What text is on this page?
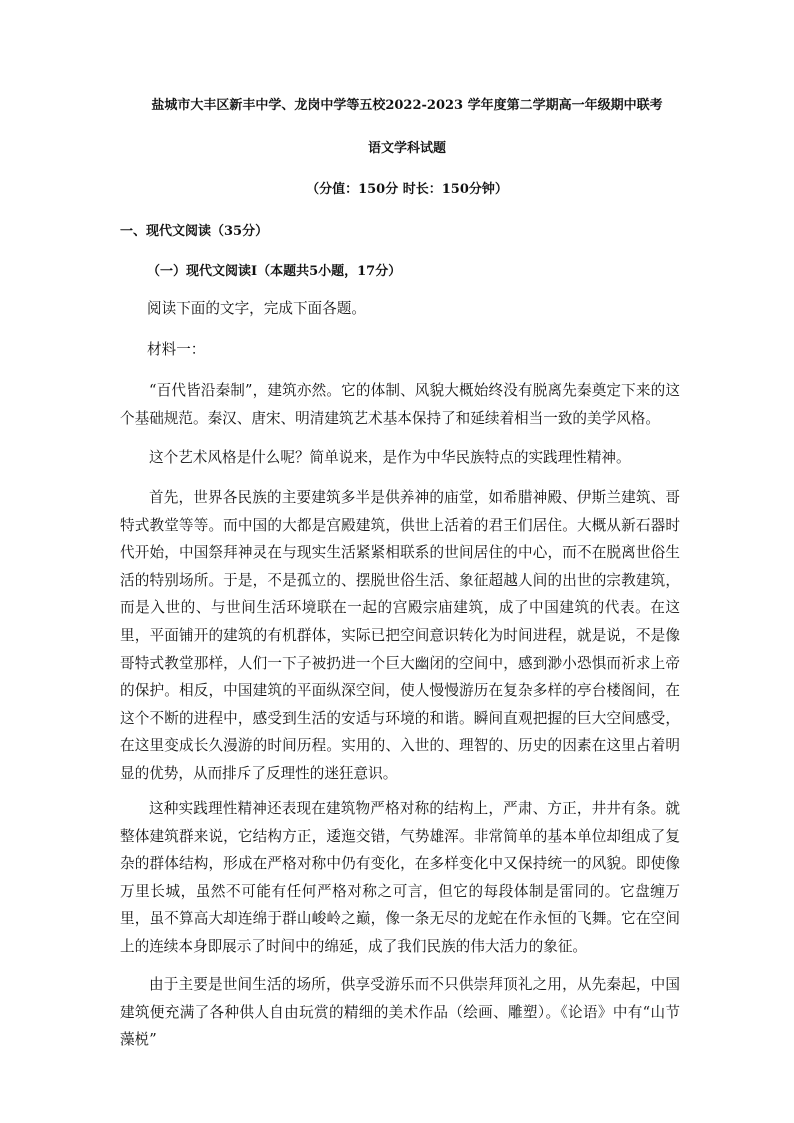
盐城市大丰区新丰中学、龙岗中学等五校2022-2023 学年度第二学期高一年级期中联考
语文学科试题
（分值：150分 时长：150分钟）
一、现代文阅读（35分）
（一）现代文阅读Ⅰ（本题共5小题，17分）
阅读下面的文字，完成下面各题。
材料一：
“百代皆沿秦制”，建筑亦然。它的体制、风貌大概始终没有脱离先秦奠定下来的这个基础规范。秦汉、唐宋、明清建筑艺术基本保持了和延续着相当一致的美学风格。
这个艺术风格是什么呢？简单说来，是作为中华民族特点的实践理性精神。
首先，世界各民族的主要建筑多半是供养神的庙堂，如希腊神殿、伊斯兰建筑、哥特式教堂等等。而中国的大都是宫殿建筑，供世上活着的君王们居住。大概从新石器时代开始，中国祭拜神灵在与现实生活紧紧相联系的世间居住的中心，而不在脱离世俗生活的特别场所。于是，不是孤立的、摆脱世俗生活、象征超越人间的出世的宗教建筑，而是入世的、与世间生活环境联在一起的宫殿宗庙建筑，成了中国建筑的代表。在这里，平面铺开的建筑的有机群体，实际已把空间意识转化为时间进程，就是说，不是像哥特式教堂那样，人们一下子被扔进一个巨大幽闭的空间中，感到渺小恐惧而祈求上帝的保护。相反，中国建筑的平面纵深空间，使人慢慢游历在复杂多样的亭台楼阁间，在这个不断的进程中，感受到生活的安适与环境的和谐。瞬间直观把握的巨大空间感受，在这里变成长久漫游的时间历程。实用的、入世的、理智的、历史的因素在这里占着明显的优势，从而排斥了反理性的迷狂意识。
这种实践理性精神还表现在建筑物严格对称的结构上，严肃、方正，井井有条。就整体建筑群来说，它结构方正，逶迤交错，气势雄浑。非常简单的基本单位却组成了复杂的群体结构，形成在严格对称中仍有变化，在多样变化中又保持统一的风貌。即使像万里长城，虽然不可能有任何严格对称之可言，但它的每段体制是雷同的。它盘缠万里，虽不算高大却连绵于群山峻岭之巅，像一条无尽的龙蛇在作永恒的飞舞。它在空间上的连续本身即展示了时间中的绵延，成了我们民族的伟大活力的象征。
由于主要是世间生活的场所，供享受游乐而不只供崇拜顶礼之用，从先秦起，中国建筑便充满了各种供人自由玩赏的精细的美术作品（绘画、雕塑）。《论语》中有“山节藻棁”
